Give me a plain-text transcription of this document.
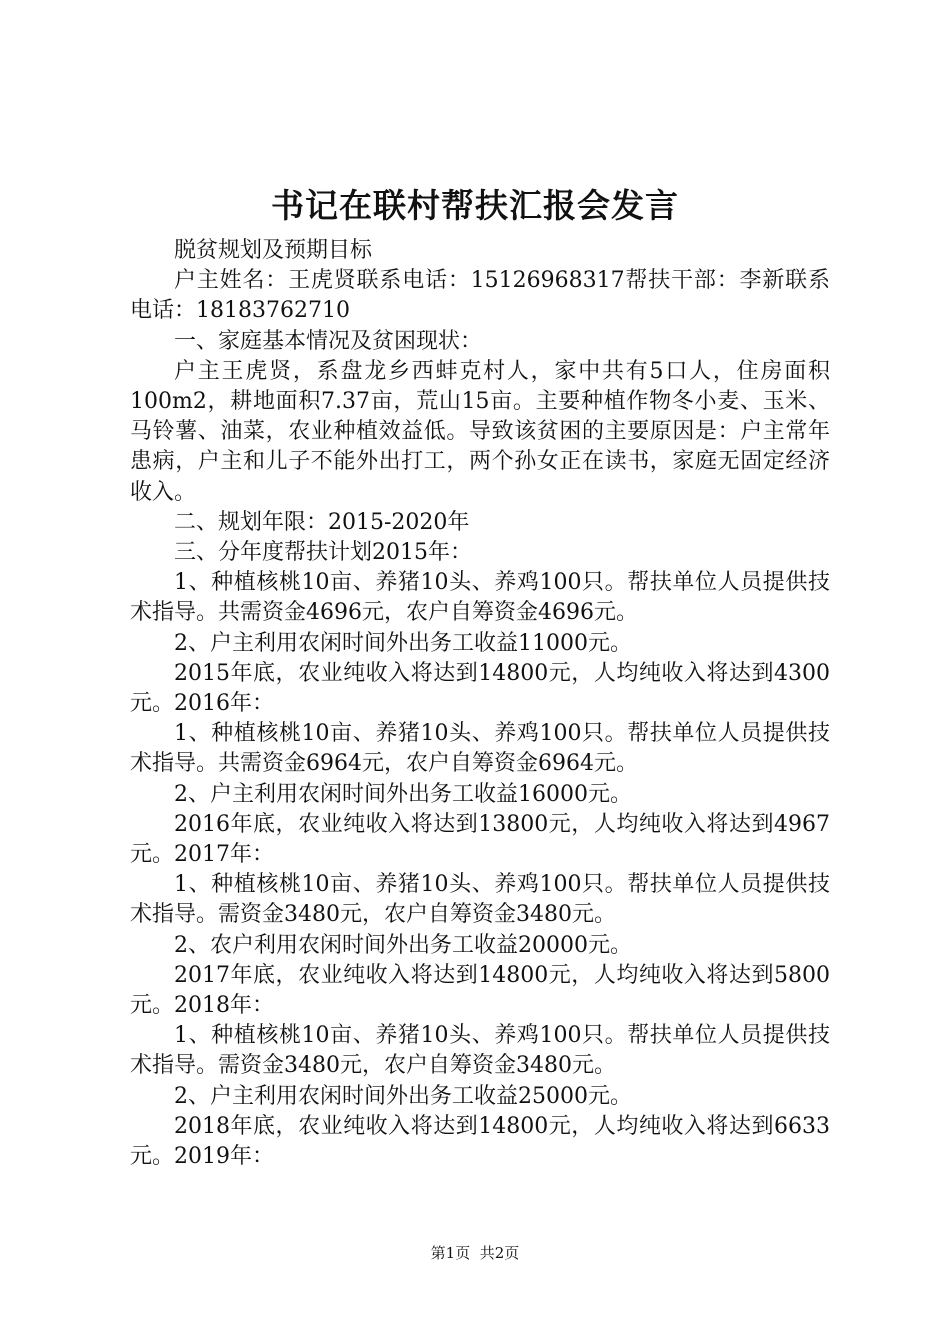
书记在联村帮扶汇报会发言

脱贫规划及预期目标

户主姓名：王虎贤联系电话：15126968317帮扶干部：李新联系电话：18183762710

一、家庭基本情况及贫困现状：

户主王虎贤，系盘龙乡西蚌克村人，家中共有5口人，住房面积100m2，耕地面积7.37亩，荒山15亩。主要种植作物冬小麦、玉米、马铃薯、油菜，农业种植效益低。导致该贫困的主要原因是：户主常年患病，户主和儿子不能外出打工，两个孙女正在读书，家庭无固定经济收入。

二、规划年限：2015-2020年

三、分年度帮扶计划2015年：

1、种植核桃10亩、养猪10头、养鸡100只。帮扶单位人员提供技术指导。共需资金4696元，农户自筹资金4696元。

2、户主利用农闲时间外出务工收益11000元。

2015年底，农业纯收入将达到14800元，人均纯收入将达到4300元。2016年：

1、种植核桃10亩、养猪10头、养鸡100只。帮扶单位人员提供技术指导。共需资金6964元，农户自筹资金6964元。

2、户主利用农闲时间外出务工收益16000元。

2016年底，农业纯收入将达到13800元，人均纯收入将达到4967元。2017年：

1、种植核桃10亩、养猪10头、养鸡100只。帮扶单位人员提供技术指导。需资金3480元，农户自筹资金3480元。

2、农户利用农闲时间外出务工收益20000元。

2017年底，农业纯收入将达到14800元，人均纯收入将达到5800元。2018年：

1、种植核桃10亩、养猪10头、养鸡100只。帮扶单位人员提供技术指导。需资金3480元，农户自筹资金3480元。

2、户主利用农闲时间外出务工收益25000元。

2018年底，农业纯收入将达到14800元，人均纯收入将达到6633元。2019年：

第1页 共2页
